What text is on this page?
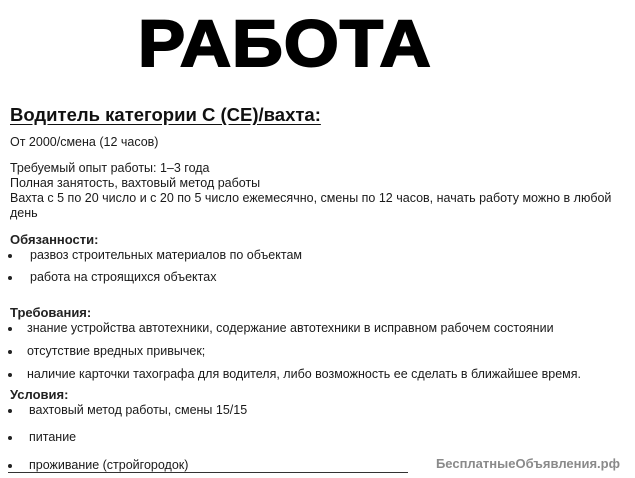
РАБОТА
Водитель категории С (СЕ)/вахта:
От 2000/смена (12 часов)
Требуемый опыт работы: 1–3 года
Полная занятость, вахтовый метод работы
Вахта с 5 по 20 число и с 20 по 5 число ежемесячно, смены по 12 часов, начать работу можно в любой
день
Обязанности:
развоз строительных материалов по объектам
работа на строящихся объектах
Требования:
знание устройства автотехники, содержание автотехники в исправном рабочем состоянии
отсутствие вредных привычек;
наличие карточки тахографа для водителя, либо возможность ее сделать в ближайшее время.
Условия:
вахтовый метод работы, смены 15/15
питание
проживание (стройгородок)	БесплатныеОбъявления.рф
